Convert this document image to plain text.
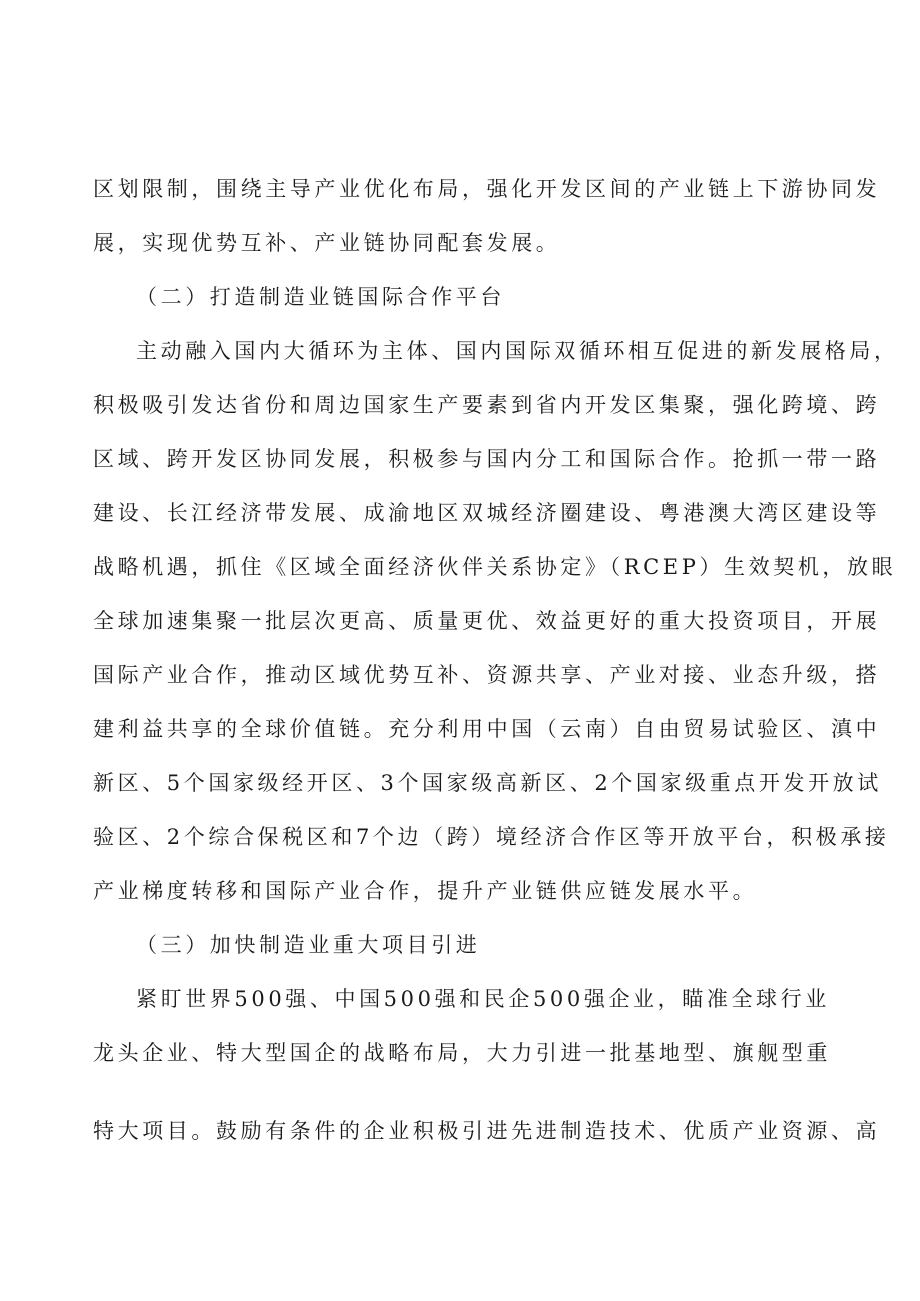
区划限制，围绕主导产业优化布局，强化开发区间的产业链上下游协同发
展，实现优势互补、产业链协同配套发展。
（二）打造制造业链国际合作平台
主动融入国内大循环为主体、国内国际双循环相互促进的新发展格局，
积极吸引发达省份和周边国家生产要素到省内开发区集聚，强化跨境、跨
区域、跨开发区协同发展，积极参与国内分工和国际合作。抢抓一带一路
建设、长江经济带发展、成渝地区双城经济圈建设、粤港澳大湾区建设等
战略机遇，抓住《区域全面经济伙伴关系协定》（RCEP）生效契机，放眼
全球加速集聚一批层次更高、质量更优、效益更好的重大投资项目，开展
国际产业合作，推动区域优势互补、资源共享、产业对接、业态升级，搭
建利益共享的全球价值链。充分利用中国（云南）自由贸易试验区、滇中
新区、5个国家级经开区、3个国家级高新区、2个国家级重点开发开放试
验区、2个综合保税区和7个边（跨）境经济合作区等开放平台，积极承接
产业梯度转移和国际产业合作，提升产业链供应链发展水平。
（三）加快制造业重大项目引进
紧盯世界500强、中国500强和民企500强企业，瞄准全球行业
龙头企业、特大型国企的战略布局，大力引进一批基地型、旗舰型重
特大项目。鼓励有条件的企业积极引进先进制造技术、优质产业资源、高
